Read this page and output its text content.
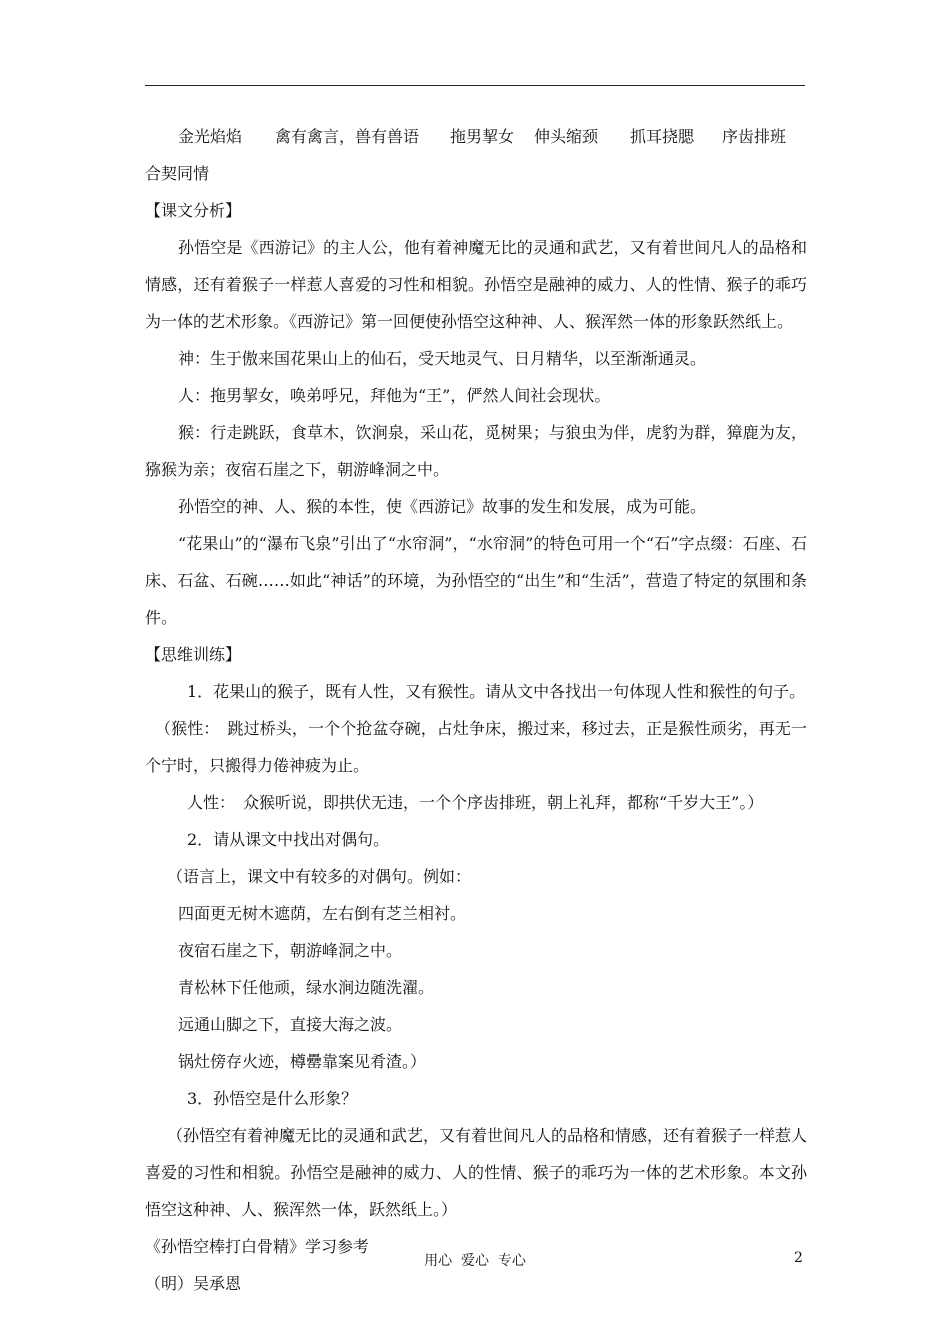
金光焰焰 禽有禽言，兽有兽语 拖男挈女 伸头缩颈 抓耳挠腮 序齿排班
合契同情
【课文分析】

孙悟空是《西游记》的主人公，他有着神魔无比的灵通和武艺，又有着世间凡人的品格和情感，还有着猴子一样惹人喜爱的习性和相貌。孙悟空是融神的威力、人的性情、猴子的乖巧为一体的艺术形象。《西游记》第一回便使孙悟空这种神、人、猴浑然一体的形象跃然纸上。

神：生于傲来国花果山上的仙石，受天地灵气、日月精华，以至渐渐通灵。
人：拖男挈女，唤弟呼兄，拜他为“王”，俨然人间社会现状。

猴：行走跳跃，食草木，饮涧泉，采山花，觅树果；与狼虫为伴，虎豹为群，獐鹿为友，猕猴为亲；夜宿石崖之下，朝游峰洞之中。

孙悟空的神、人、猴的本性，使《西游记》故事的发生和发展，成为可能。

“花果山”的“瀑布飞泉”引出了“水帘洞”，“水帘洞”的特色可用一个“石”字点缀：石座、石床、石盆、石碗……如此“神话”的环境，为孙悟空的“出生”和“生活”，营造了特定的氛围和条件。

【思维训练】
1．花果山的猴子，既有人性，又有猴性。请从文中各找出一句体现人性和猴性的句子。

（猴性：　跳过桥头，一个个抢盆夺碗，占灶争床，搬过来，移过去，正是猴性顽劣，再无一个宁时，只搬得力倦神疲为止。

人性：　众猴听说，即拱伏无违，一个个序齿排班，朝上礼拜，都称“千岁大王”。）
2．请从课文中找出对偶句。
（语言上，课文中有较多的对偶句。例如：
四面更无树木遮荫，左右倒有芝兰相衬。
夜宿石崖之下，朝游峰洞之中。
青松林下任他顽，绿水涧边随洗濯。
远通山脚之下，直接大海之波。
锅灶傍存火迹，樽罍靠案见肴渣。）
3．孙悟空是什么形象？

（孙悟空有着神魔无比的灵通和武艺，又有着世间凡人的品格和情感，还有着猴子一样惹人喜爱的习性和相貌。孙悟空是融神的威力、人的性情、猴子的乖巧为一体的艺术形象。本文孙悟空这种神、人、猴浑然一体，跃然纸上。）

《孙悟空棒打白骨精》学习参考
（明）吴承恩
用心  爱心  专心	2
